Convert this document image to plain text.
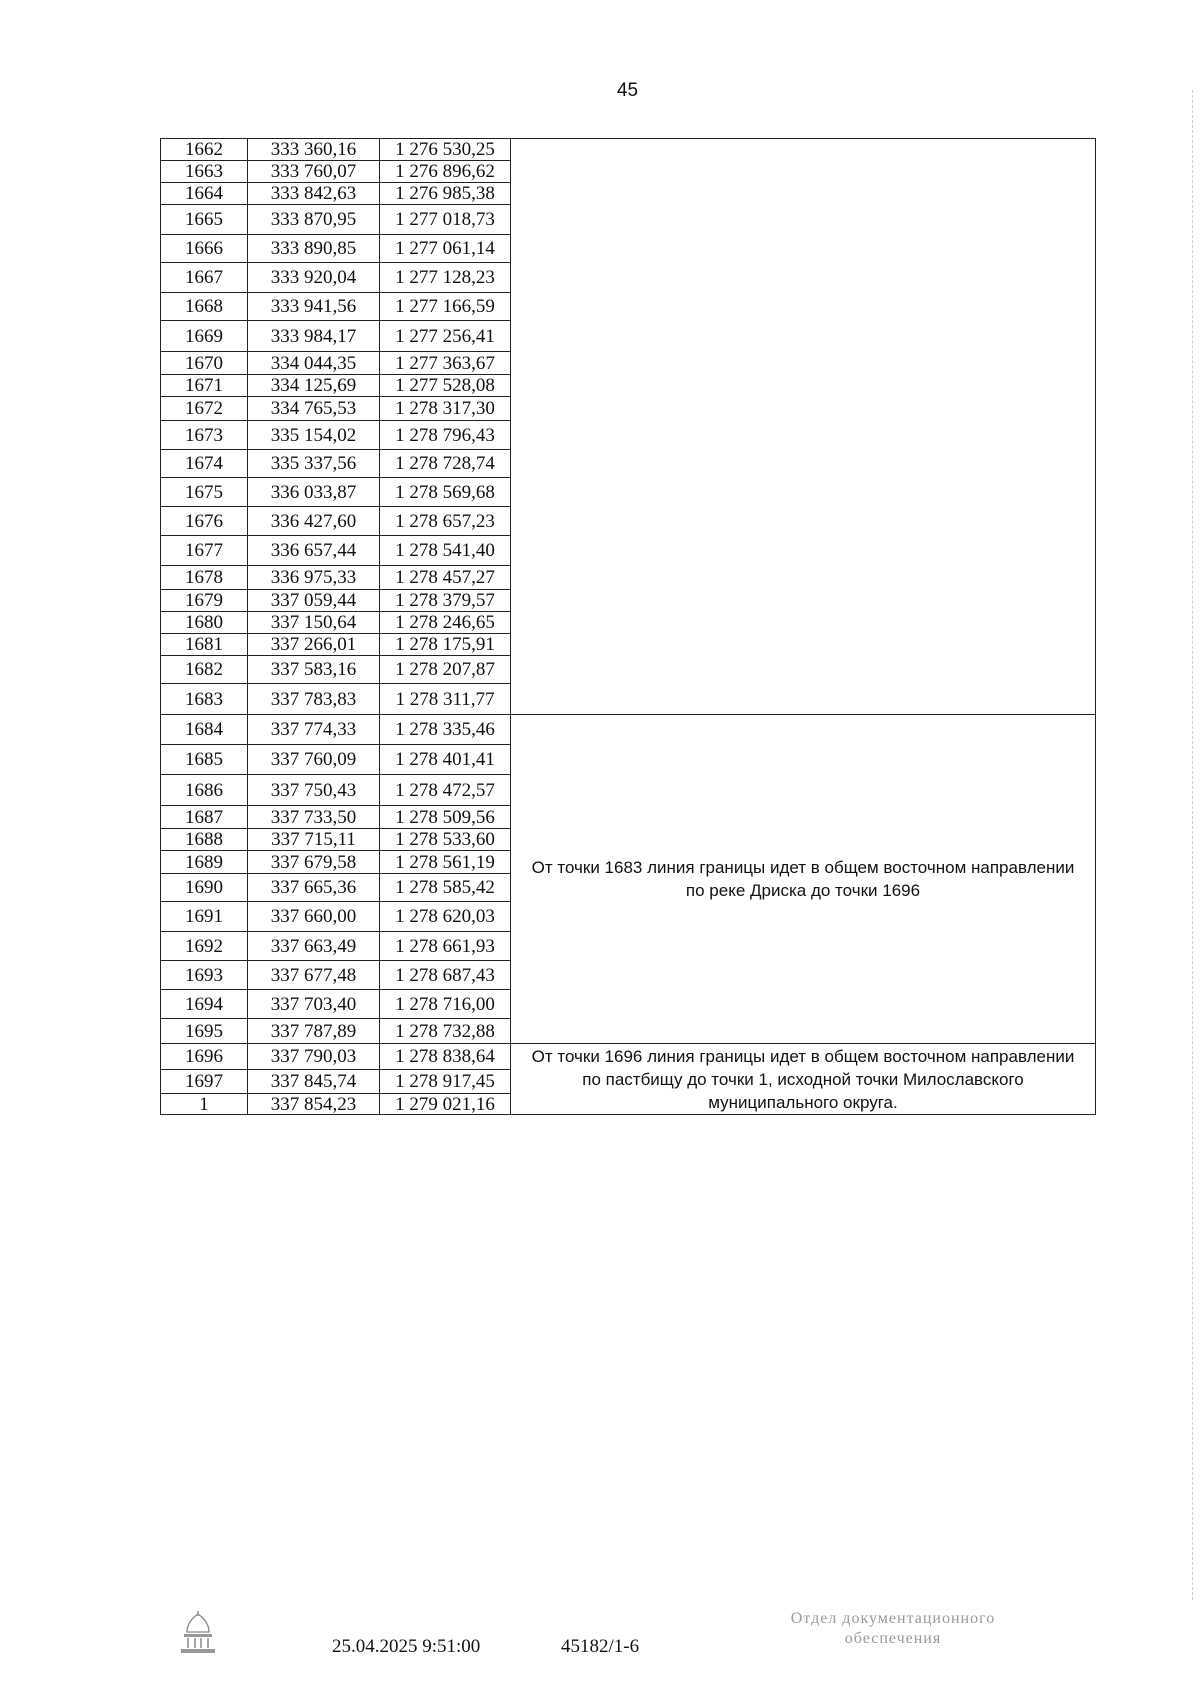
45
1662	333 360,16	1 276 530,25	
1663	333 760,07	1 276 896,62	
1664	333 842,63	1 276 985,38	
1665	333 870,95	1 277 018,73	
1666	333 890,85	1 277 061,14	
1667	333 920,04	1 277 128,23	
1668	333 941,56	1 277 166,59	
1669	333 984,17	1 277 256,41	
1670	334 044,35	1 277 363,67	
1671	334 125,69	1 277 528,08	
1672	334 765,53	1 278 317,30	
1673	335 154,02	1 278 796,43	
1674	335 337,56	1 278 728,74	
1675	336 033,87	1 278 569,68	
1676	336 427,60	1 278 657,23	
1677	336 657,44	1 278 541,40	
1678	336 975,33	1 278 457,27	
1679	337 059,44	1 278 379,57	
1680	337 150,64	1 278 246,65	
1681	337 266,01	1 278 175,91	
1682	337 583,16	1 278 207,87	
1683	337 783,83	1 278 311,77	
1684	337 774,33	1 278 335,46	От точки 1683 линия границы идет в общем восточном направлении по реке Дриска до точки 1696
1685	337 760,09	1 278 401,41	
1686	337 750,43	1 278 472,57	
1687	337 733,50	1 278 509,56	
1688	337 715,11	1 278 533,60	
1689	337 679,58	1 278 561,19	
1690	337 665,36	1 278 585,42	
1691	337 660,00	1 278 620,03	
1692	337 663,49	1 278 661,93	
1693	337 677,48	1 278 687,43	
1694	337 703,40	1 278 716,00	
1695	337 787,89	1 278 732,88	
1696	337 790,03	1 278 838,64	От точки 1696 линия границы идет в общем восточном направлении по пастбищу до точки 1, исходной точки Милославского муниципального округа.
1697	337 845,74	1 278 917,45	
1	337 854,23	1 279 021,16	
25.04.2025 9:51:00	45182/1-6
Отдел документационного
обеспечения
